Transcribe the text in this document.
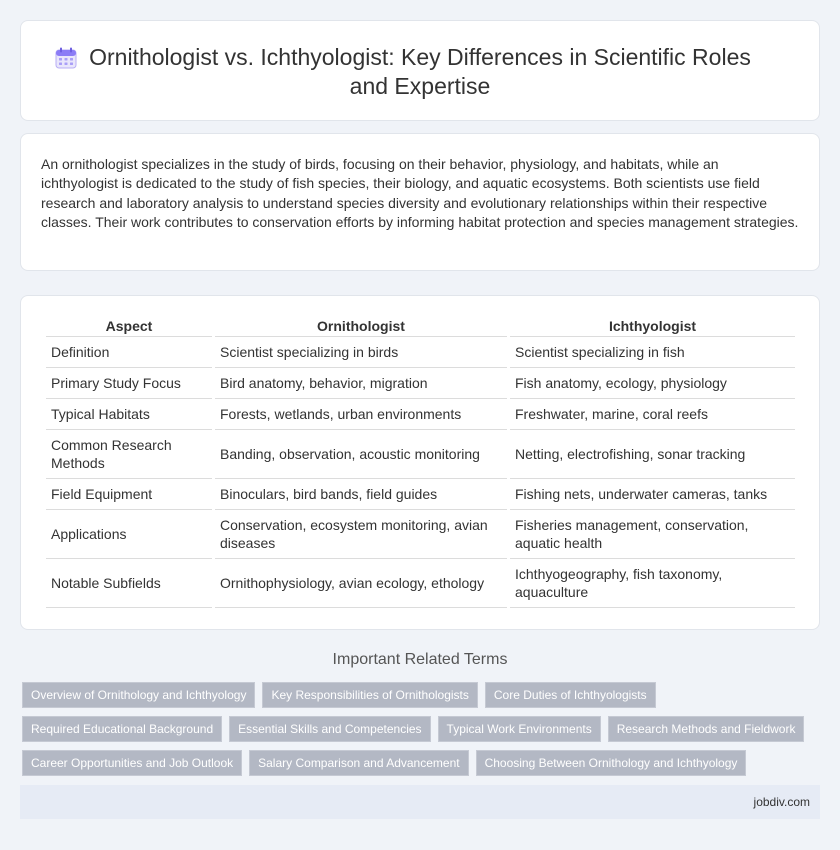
Ornithologist vs. Ichthyologist: Key Differences in Scientific Roles and Expertise

An ornithologist specializes in the study of birds, focusing on their behavior, physiology, and habitats, while an ichthyologist is dedicated to the study of fish species, their biology, and aquatic ecosystems. Both scientists use field research and laboratory analysis to understand species diversity and evolutionary relationships within their respective classes. Their work contributes to conservation efforts by informing habitat protection and species management strategies.

Aspect	Ornithologist	Ichthyologist
Definition	Scientist specializing in birds	Scientist specializing in fish
Primary Study Focus	Bird anatomy, behavior, migration	Fish anatomy, ecology, physiology
Typical Habitats	Forests, wetlands, urban environments	Freshwater, marine, coral reefs
Common Research Methods	Banding, observation, acoustic monitoring	Netting, electrofishing, sonar tracking
Field Equipment	Binoculars, bird bands, field guides	Fishing nets, underwater cameras, tanks
Applications	Conservation, ecosystem monitoring, avian diseases	Fisheries management, conservation, aquatic health
Notable Subfields	Ornithophysiology, avian ecology, ethology	Ichthyogeography, fish taxonomy, aquaculture
Important Related Terms
Overview of Ornithology and Ichthyology	Key Responsibilities of Ornithologists	Core Duties of Ichthyologists
Required Educational Background	Essential Skills and Competencies	Typical Work Environments	Research Methods and Fieldwork
Career Opportunities and Job Outlook	Salary Comparison and Advancement	Choosing Between Ornithology and Ichthyology
jobdiv.com
